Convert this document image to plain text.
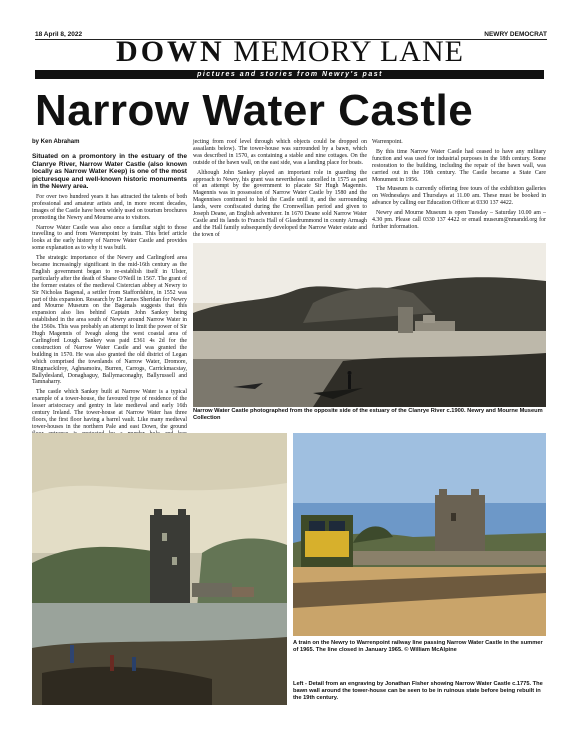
18 April 8, 2022	NEWRY DEMOCRAT
DOWN MEMORY LANE
pictures and stories from Newry's past
Narrow Water Castle
by Ken Abraham

Situated on a promontory in the estuary of the Clanrye River, Narrow Water Castle (also known locally as Narrow Water Keep) is one of the most picturesque and well-known historic monuments in the Newry area.

For over two hundred years it has attracted the talents of both professional and amateur artists and, in more recent decades, images of the Castle have been widely used on tourism brochures promoting the Newry and Mourne area to visitors.

Narrow Water Castle was also once a familiar sight to those travelling to and from Warrenpoint by train. This brief article looks at the early history of Narrow Water Castle and provides some explanation as to why it was built.

The strategic importance of the Newry and Carlingford area became increasingly significant in the mid-16th century as the English government began to re-establish itself in Ulster, particularly after the death of Shane O'Neill in 1567. The grant of the former estates of the medieval Cistercian abbey at Newry to Sir Nicholas Bagenal, a settler from Staffordshire, in 1552 was part of this expansion. Research by Dr James Sheridan for Newry and Mourne Museum on the Bagenals suggests that this expansion also lies behind Captain John Sankey being established in the area south of Newry around Narrow Water in the 1560s. This was probably an attempt to limit the power of Sir Hugh Magennis of Iveagh along the west coastal area of Carlingford Lough. Sankey was paid £361 4s 2d for the construction of Narrow Water Castle and was granted the building in 1570. He was also granted the old district of Legan which comprised the townlands of Narrow Water, Dromore, Ringmackilroy, Aghnamoira, Burren, Carrogs, Carrickmacstay, Ballydesland, Donaghaguy, Ballymaconaghy, Ballyrussell and Tamnaharry.

The castle which Sankey built at Narrow Water is a typical example of a tower-house, the favoured type of residence of the lesser aristocracy and gentry in late medieval and early 16th century Ireland. The tower-house at Narrow Water has three floors, the first floor having a barrel vault. Like many medieval tower-houses in the northern Pale and east Down, the ground

jecting from roof level through which objects could be dropped on assailants below). The tower-house was surrounded by a bawn, which was described in 1570, as containing a stable and nine cottages. On the outside of the bawn wall, on the east side, was a landing place for boats.

Although John Sankey played an important role in guarding the approach to Newry, his grant was nevertheless cancelled in 1575 as part of an attempt by the government to placate Sir Hugh Magennis. Magennis was in possession of Narrow Water Castle by 1580 and the Magennises continued to hold the Castle until it, and the surrounding lands, were confiscated during the Cromwellian period and given to Joseph Deane, an English adventurer. In 1670 Deane sold Narrow Water Castle and its lands to Francis Hall of Glasdrummond in county Armagh and the Hall family subsequently developed the Narrow Water estate and the town of

Warrenpoint.

By this time Narrow Water Castle had ceased to have any military function and was used for industrial purposes in the 18th century. Some restoration to the building, including the repair of the bawn wall, was carried out in the 19th century. The Castle became a State Care Monument in 1956.

The Museum is currently offering free tours of the exhibition galleries on Wednesdays and Thursdays at 11.00 am. These must be booked in advance by calling our Education Officer at 0330 137 4422.

Newry and Mourne Museum is open Tuesday – Saturday 10.00 am – 4.30 pm. Please call 0330 137 4422 or email museum@nmandd.org for further information.

Narrow Water Castle photographed from the opposite side of the estuary of the Clanrye River c.1900. Newry and Mourne Museum Collection
A train on the Newry to Warrenpoint railway line passing Narrow Water Castle in the summer of 1965. The line closed in January 1965. © William McAlpine
Left - Detail from an engraving by Jonathan Fisher showing Narrow Water Castle c.1775. The bawn wall around the tower-house can be seen to be in ruinous state before being rebuilt in the 19th century.
